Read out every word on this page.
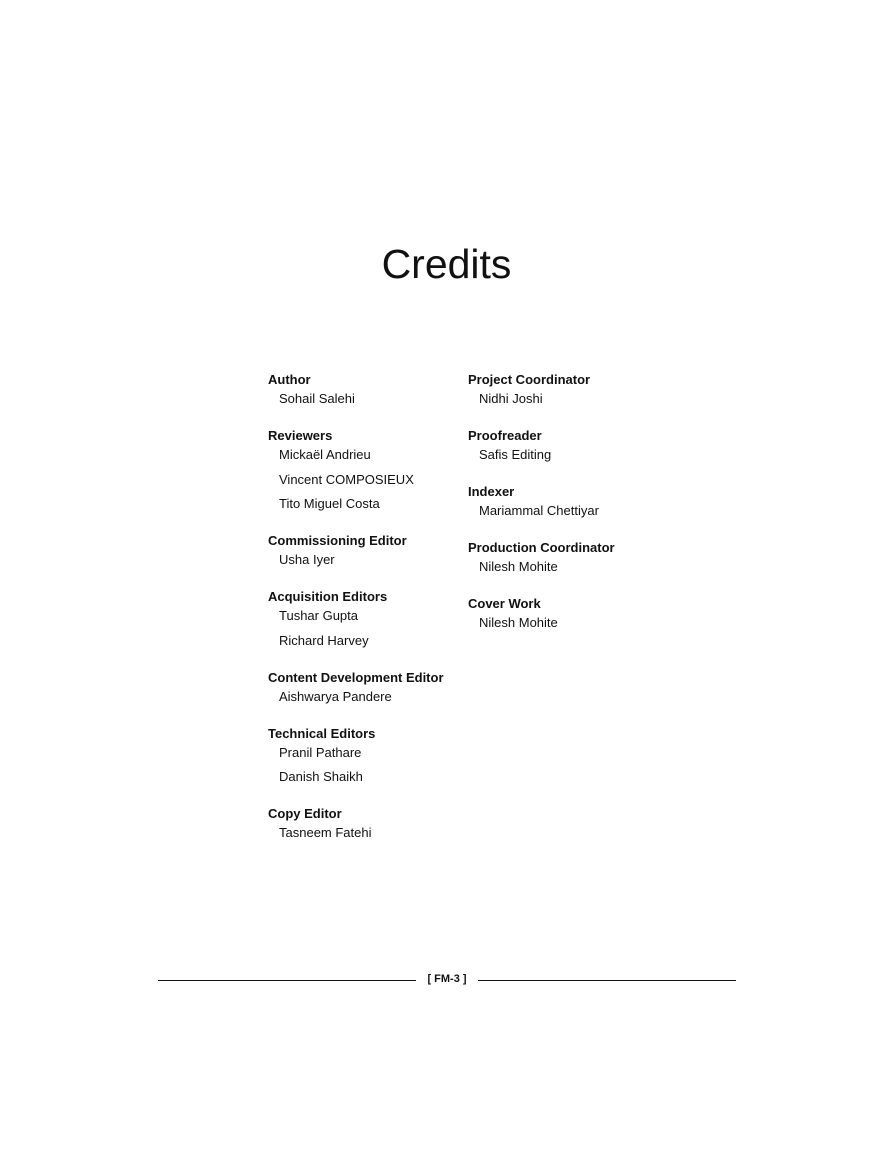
Credits
Author
Sohail Salehi
Reviewers
Mickaël Andrieu
Vincent COMPOSIEUX
Tito Miguel Costa
Commissioning Editor
Usha Iyer
Acquisition Editors
Tushar Gupta
Richard Harvey
Content Development Editor
Aishwarya Pandere
Technical Editors
Pranil Pathare
Danish Shaikh
Copy Editor
Tasneem Fatehi
Project Coordinator
Nidhi Joshi
Proofreader
Safis Editing
Indexer
Mariammal Chettiyar
Production Coordinator
Nilesh Mohite
Cover Work
Nilesh Mohite
[ FM-3 ]
